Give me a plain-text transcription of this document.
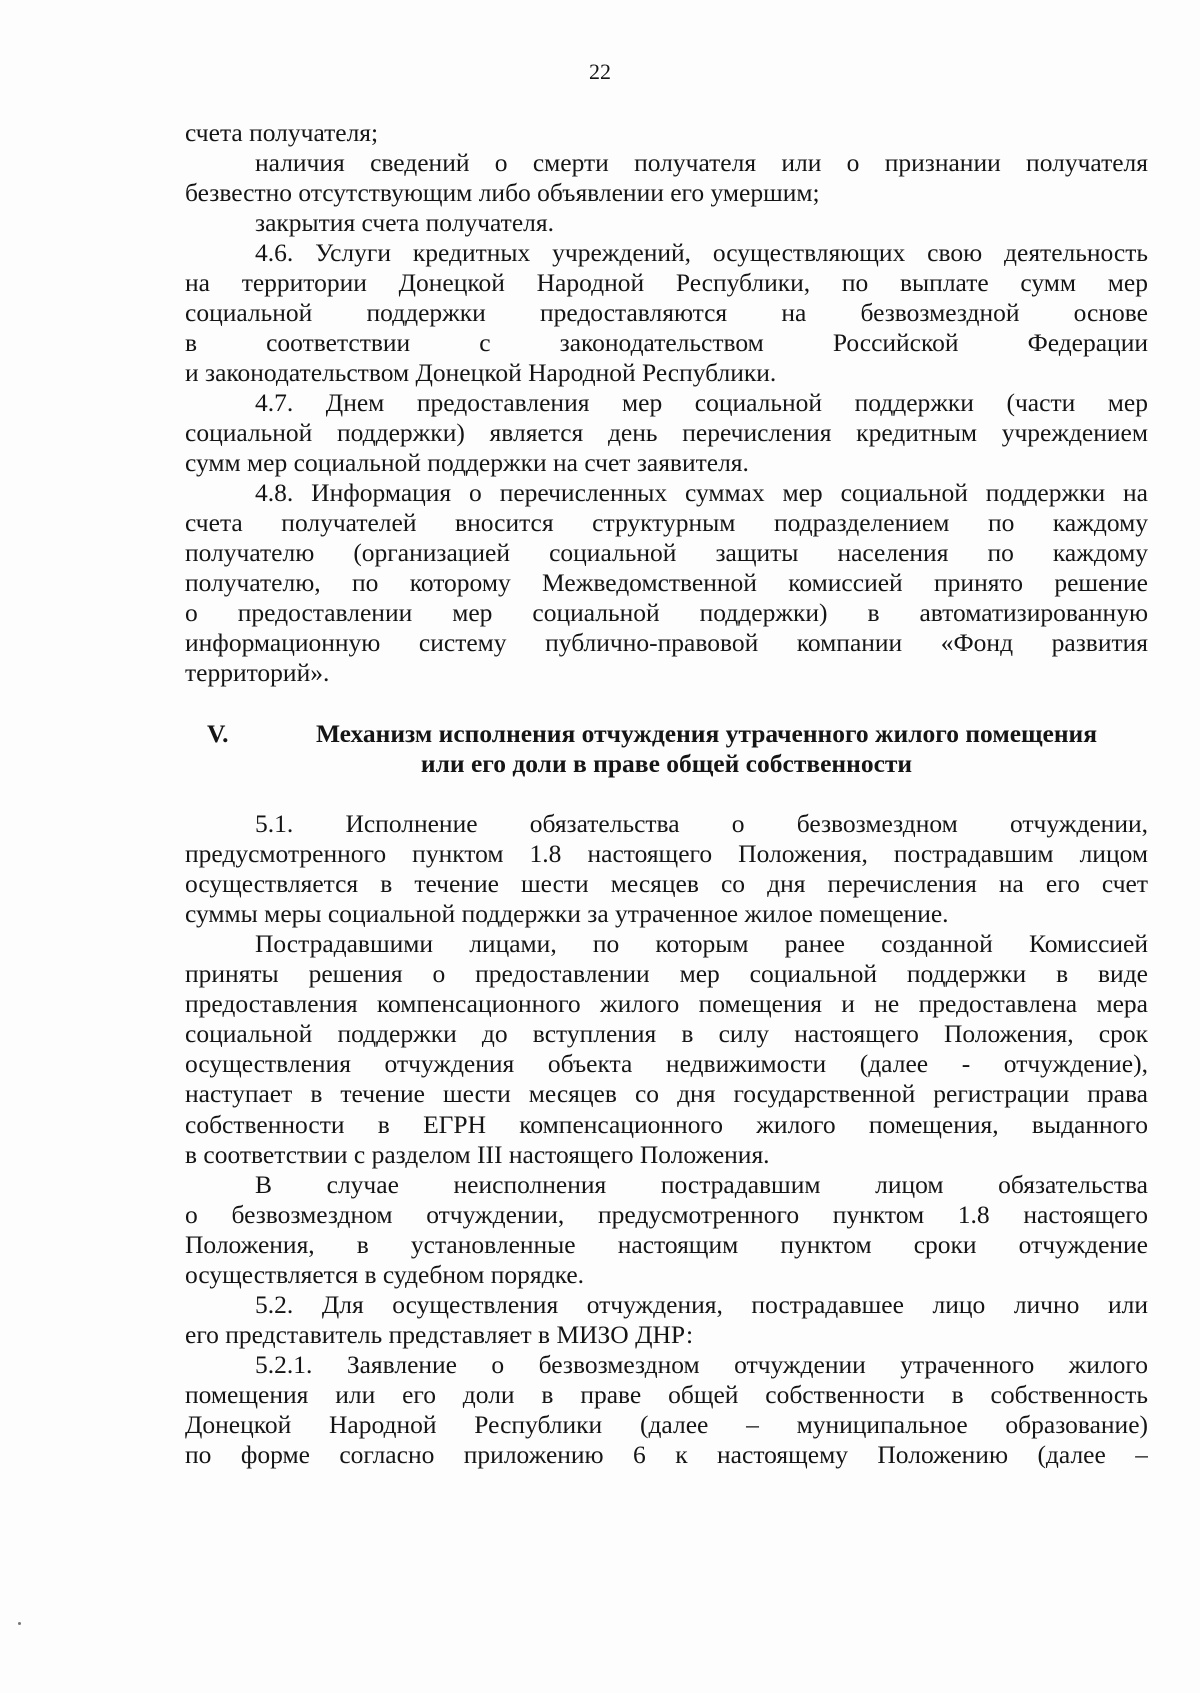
22
счета получателя;
наличия сведений о смерти получателя или о признании получателя
безвестно отсутствующим либо объявлении его умершим;
закрытия счета получателя.
4.6. Услуги кредитных учреждений, осуществляющих свою деятельность
на территории Донецкой Народной Республики, по выплате сумм мер
социальной поддержки предоставляются на безвозмездной основе
в соответствии с законодательством Российской Федерации
и законодательством Донецкой Народной Республики.
4.7. Днем предоставления мер социальной поддержки (части мер
социальной поддержки) является день перечисления кредитным учреждением
сумм мер социальной поддержки на счет заявителя.
4.8. Информация о перечисленных суммах мер социальной поддержки на
счета получателей вносится структурным подразделением по каждому
получателю (организацией социальной защиты населения по каждому
получателю, по которому Межведомственной комиссией принято решение
о предоставлении мер социальной поддержки) в автоматизированную
информационную систему публично-правовой компании «Фонд развития
территорий».
V.	Механизм исполнения отчуждения утраченного жилого помещения
или его доли в праве общей собственности
5.1. Исполнение обязательства о безвозмездном отчуждении,
предусмотренного пунктом 1.8 настоящего Положения, пострадавшим лицом
осуществляется в течение шести месяцев со дня перечисления на его счет
суммы меры социальной поддержки за утраченное жилое помещение.
Пострадавшими лицами, по которым ранее созданной Комиссией
приняты решения о предоставлении мер социальной поддержки в виде
предоставления компенсационного жилого помещения и не предоставлена мера
социальной поддержки до вступления в силу настоящего Положения, срок
осуществления отчуждения объекта недвижимости (далее - отчуждение),
наступает в течение шести месяцев со дня государственной регистрации права
собственности в ЕГРН компенсационного жилого помещения, выданного
в соответствии с разделом III настоящего Положения.
В случае неисполнения пострадавшим лицом обязательства
о безвозмездном отчуждении, предусмотренного пунктом 1.8 настоящего
Положения, в установленные настоящим пунктом сроки отчуждение
осуществляется в судебном порядке.
5.2. Для осуществления отчуждения, пострадавшее лицо лично или
его представитель представляет в МИЗО ДНР:
5.2.1. Заявление о безвозмездном отчуждении утраченного жилого
помещения или его доли в праве общей собственности в собственность
Донецкой Народной Республики (далее – муниципальное образование)
по форме согласно приложению 6 к настоящему Положению (далее –
